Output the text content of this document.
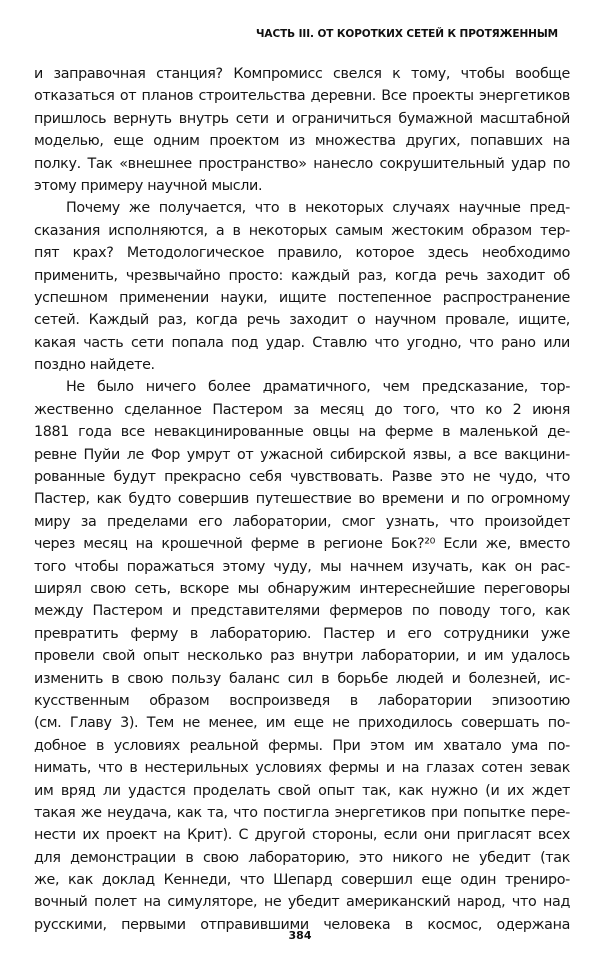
ЧАСТЬ III. ОТ КОРОТКИХ СЕТЕЙ К ПРОТЯЖЕННЫМ
и заправочная станция? Компромисс свелся к тому, чтобы вообще
отказаться от планов строительства деревни. Все проекты энергетиков
пришлось вернуть внутрь сети и ограничиться бумажной масштабной
моделью, еще одним проектом из множества других, попавших на
полку. Так «внешнее пространство» нанесло сокрушительный удар по
этому примеру научной мысли.
Почему же получается, что в некоторых случаях научные пред-
сказания исполняются, а в некоторых самым жестоким образом тер-
пят крах? Методологическое правило, которое здесь необходимо
применить, чрезвычайно просто: каждый раз, когда речь заходит об
успешном применении науки, ищите постепенное распространение
сетей. Каждый раз, когда речь заходит о научном провале, ищите,
какая часть сети попала под удар. Ставлю что угодно, что рано или
поздно найдете.
Не было ничего более драматичного, чем предсказание, тор-
жественно сделанное Пастером за месяц до того, что ко 2 июня
1881 года все невакцинированные овцы на ферме в маленькой де-
ревне Пуйи ле Фор умрут от ужасной сибирской язвы, а все вакцини-
рованные будут прекрасно себя чувствовать. Разве это не чудо, что
Пастер, как будто совершив путешествие во времени и по огромному
миру за пределами его лаборатории, смог узнать, что произойдет
через месяц на крошечной ферме в регионе Бок?²⁰ Если же, вместо
того чтобы поражаться этому чуду, мы начнем изучать, как он рас-
ширял свою сеть, вскоре мы обнаружим интереснейшие переговоры
между Пастером и представителями фермеров по поводу того, как
превратить ферму в лабораторию. Пастер и его сотрудники уже
провели свой опыт несколько раз внутри лаборатории, и им удалось
изменить в свою пользу баланс сил в борьбе людей и болезней, ис-
кусственным образом воспроизведя в лаборатории эпизоотию
(см. Главу 3). Тем не менее, им еще не приходилось совершать по-
добное в условиях реальной фермы. При этом им хватало ума по-
нимать, что в нестерильных условиях фермы и на глазах сотен зевак
им вряд ли удастся проделать свой опыт так, как нужно (и их ждет
такая же неудача, как та, что постигла энергетиков при попытке пере-
нести их проект на Крит). С другой стороны, если они пригласят всех
для демонстрации в свою лабораторию, это никого не убедит (так
же, как доклад Кеннеди, что Шепард совершил еще один трениро-
вочный полет на симуляторе, не убедит американский народ, что над
русскими, первыми отправившими человека в космос, одержана
384
